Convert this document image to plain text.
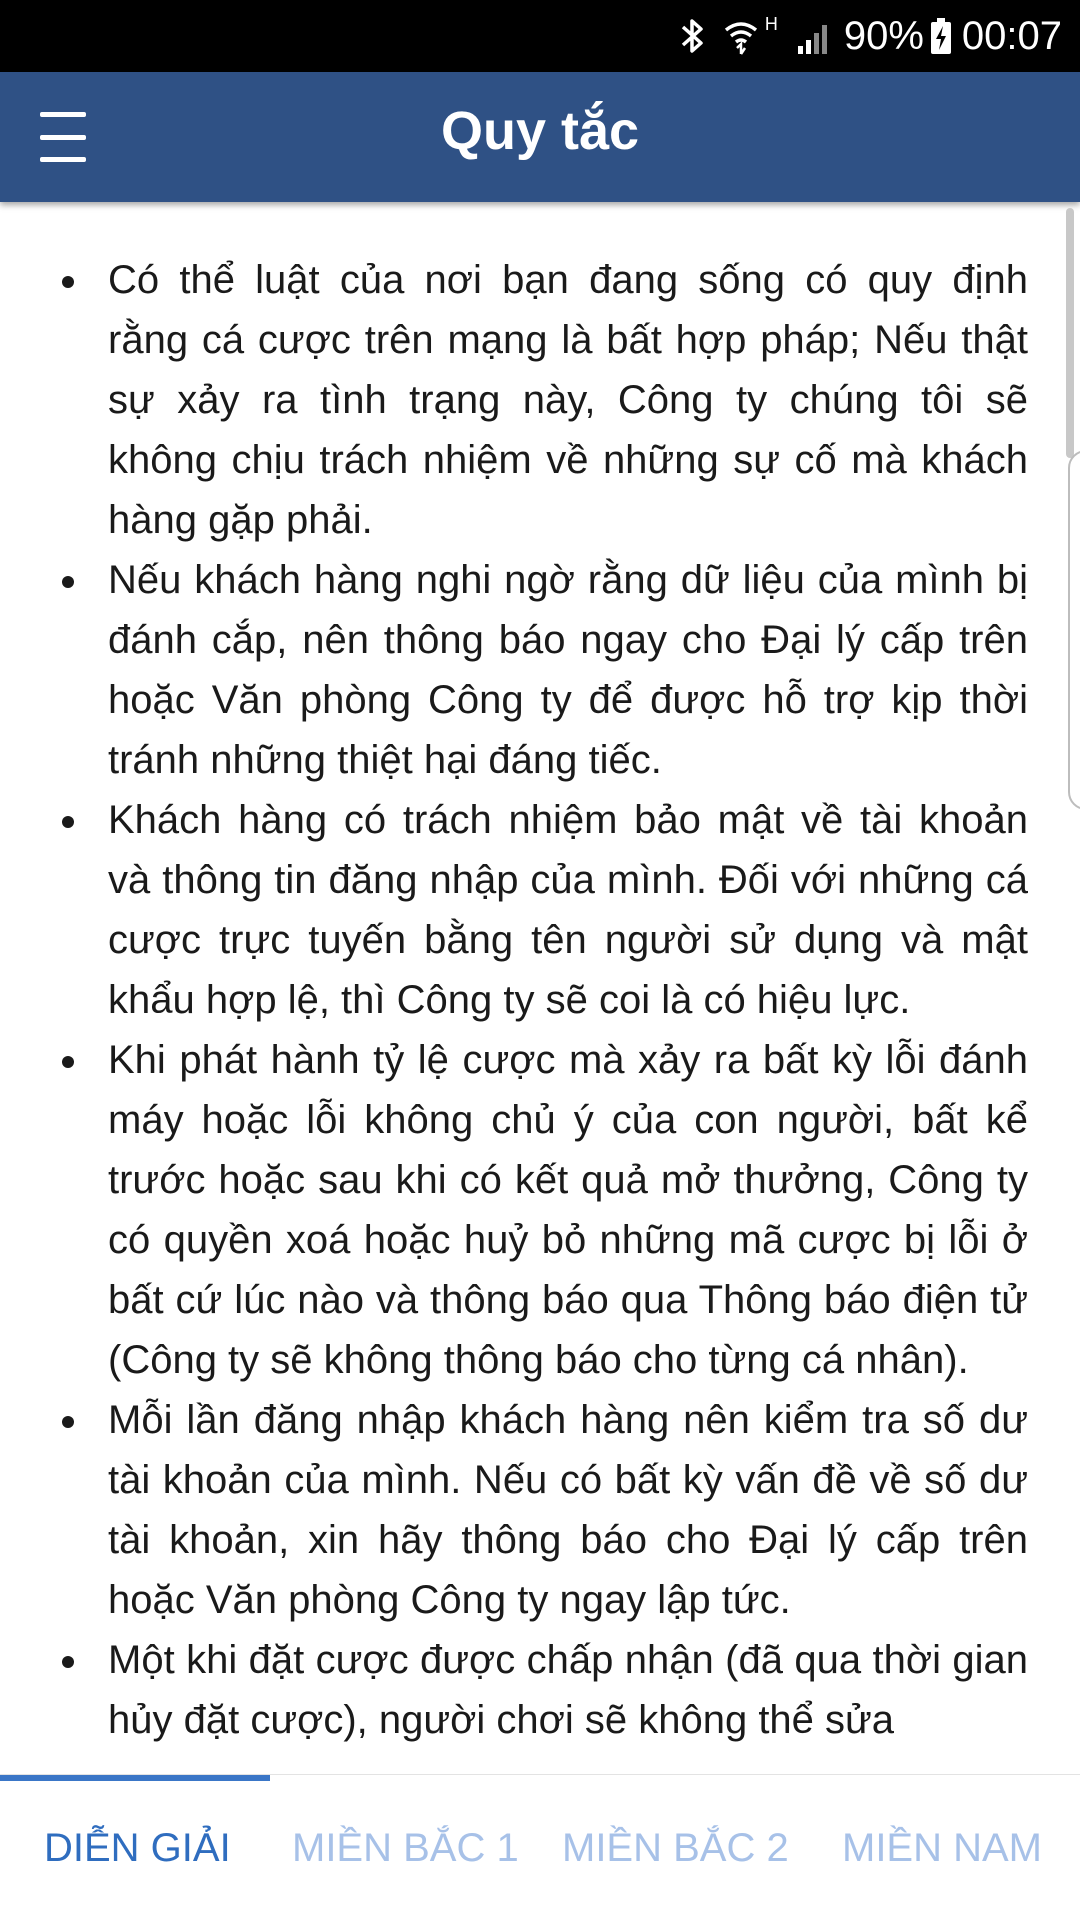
H 90% 00:07
Quy tắc
Có thể luật của nơi bạn đang sống có quy định rằng cá cược trên mạng là bất hợp pháp; Nếu thật sự xảy ra tình trạng này, Công ty chúng tôi sẽ không chịu trách nhiệm về những sự cố mà khách hàng gặp phải.
Nếu khách hàng nghi ngờ rằng dữ liệu của mình bị đánh cắp, nên thông báo ngay cho Đại lý cấp trên hoặc Văn phòng Công ty để được hỗ trợ kịp thời tránh những thiệt hại đáng tiếc.
Khách hàng có trách nhiệm bảo mật về tài khoản và thông tin đăng nhập của mình. Đối với những cá cược trực tuyến bằng tên người sử dụng và mật khẩu hợp lệ, thì Công ty sẽ coi là có hiệu lực.
Khi phát hành tỷ lệ cược mà xảy ra bất kỳ lỗi đánh máy hoặc lỗi không chủ ý của con người, bất kể trước hoặc sau khi có kết quả mở thưởng, Công ty có quyền xoá hoặc huỷ bỏ những mã cược bị lỗi ở bất cứ lúc nào và thông báo qua Thông báo điện tử (Công ty sẽ không thông báo cho từng cá nhân).
Mỗi lần đăng nhập khách hàng nên kiểm tra số dư tài khoản của mình. Nếu có bất kỳ vấn đề về số dư tài khoản, xin hãy thông báo cho Đại lý cấp trên hoặc Văn phòng Công ty ngay lập tức.
Một khi đặt cược được chấp nhận (đã qua thời gian hủy đặt cược), người chơi sẽ không thể sửa
DIỄN GIẢI MIỀN BẮC 1 MIỀN BẮC 2 MIỀN NAM
